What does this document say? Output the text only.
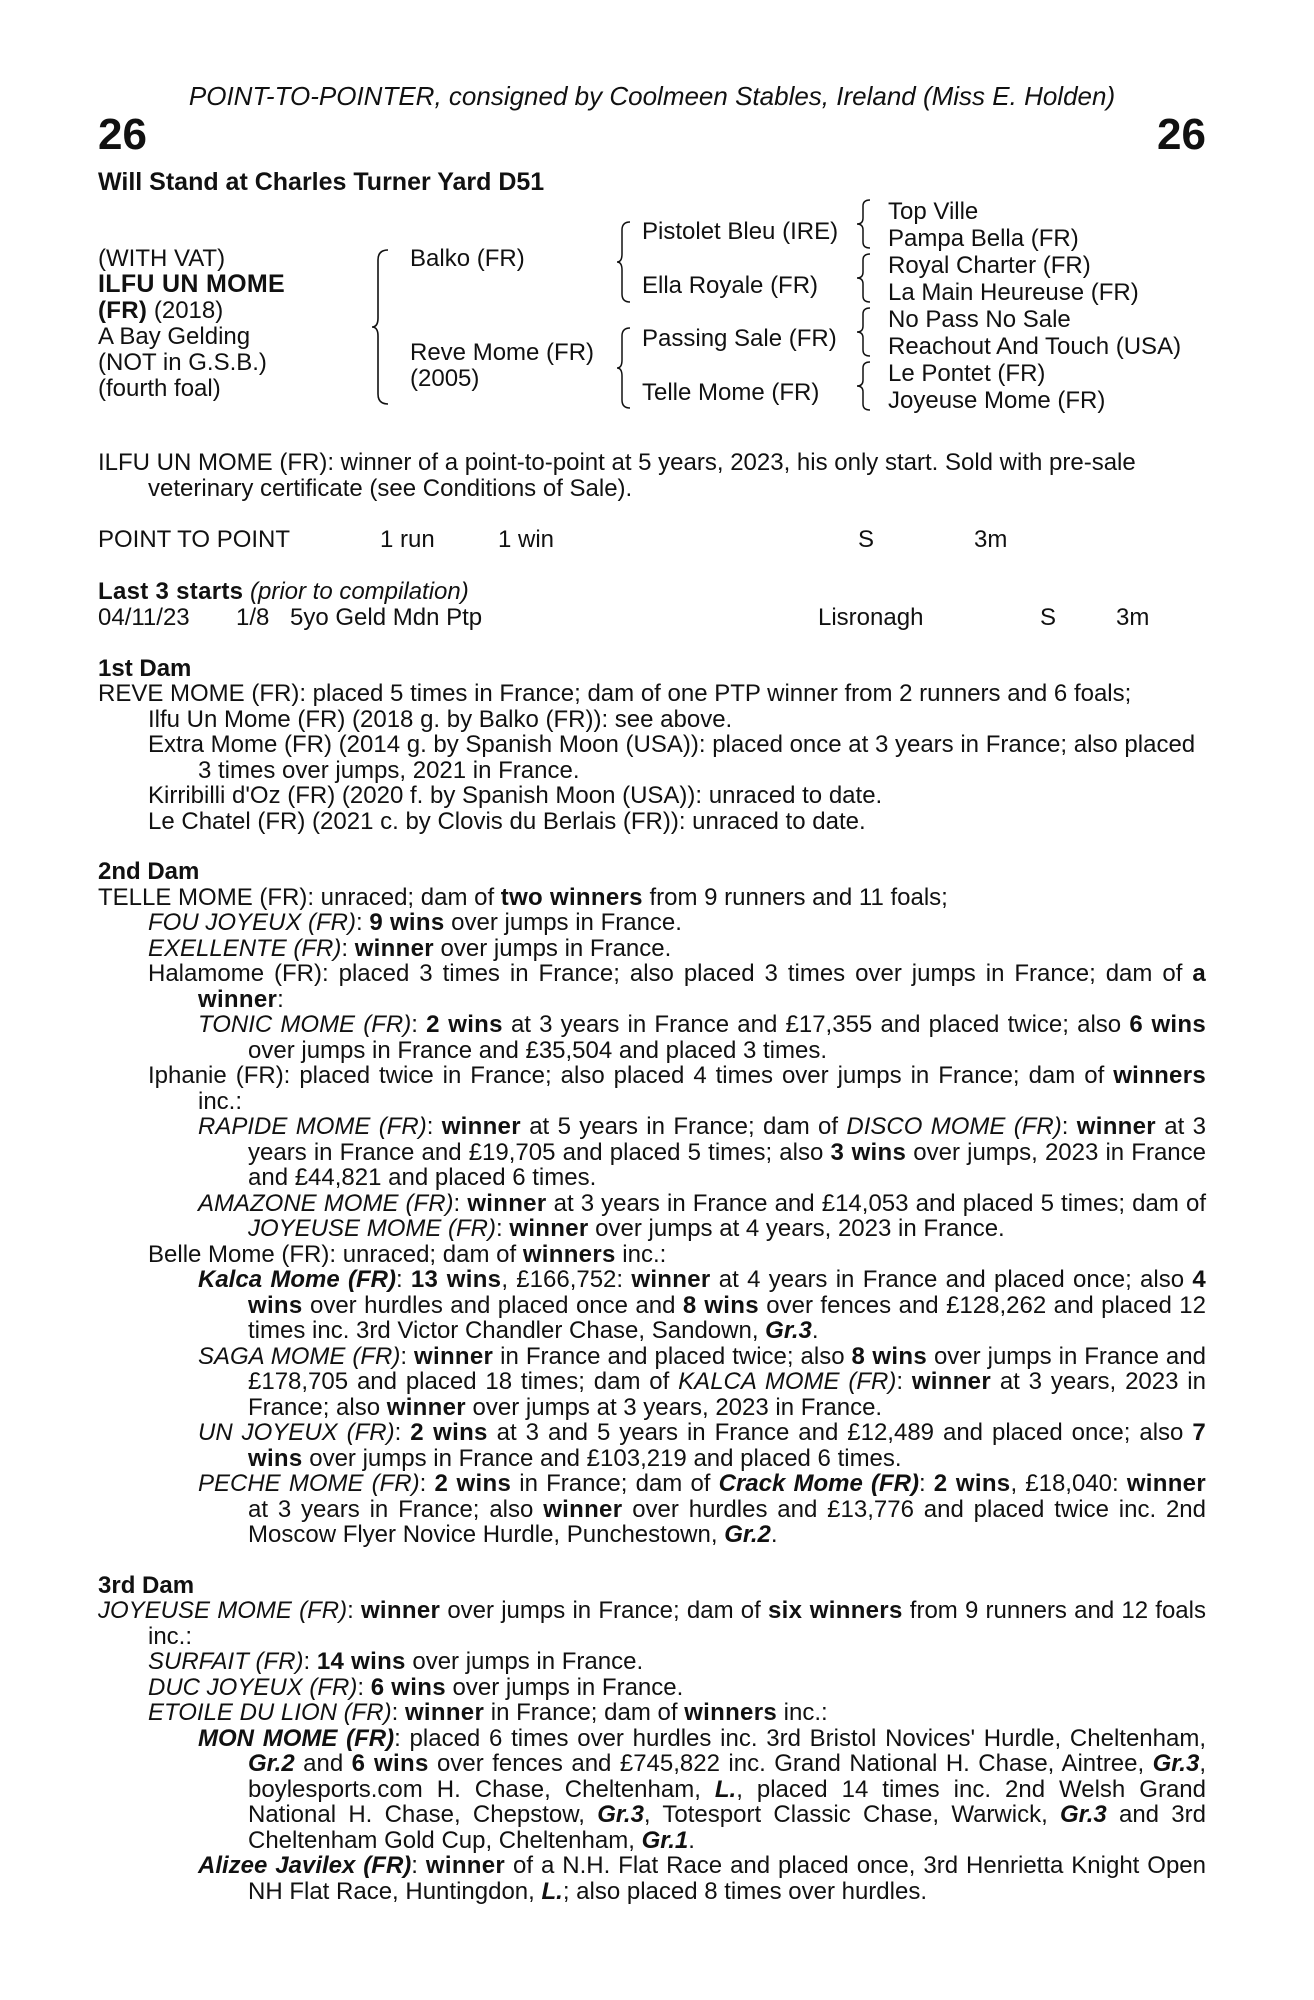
POINT-TO-POINTER, consigned by Coolmeen Stables, Ireland (Miss E. Holden)
26	26
Will Stand at Charles Turner Yard D51
(WITH VAT)
ILFU UN MOME
(FR) (2018)
A Bay Gelding
(NOT in G.S.B.)
(fourth foal)
Balko (FR)
Reve Mome (FR)
(2005)
Pistolet Bleu (IRE)
Ella Royale (FR)
Passing Sale (FR)
Telle Mome (FR)
Top Ville
Pampa Bella (FR)
Royal Charter (FR)
La Main Heureuse (FR)
No Pass No Sale
Reachout And Touch (USA)
Le Pontet (FR)
Joyeuse Mome (FR)
ILFU UN MOME (FR): winner of a point-to-point at 5 years, 2023, his only start. Sold with pre-sale
veterinary certificate (see Conditions of Sale).
POINT TO POINT	1 run	1 win	S	3m
Last 3 starts (prior to compilation)
04/11/23 1/8 5yo Geld Mdn Ptp	Lisronagh	S 3m
1st Dam
REVE MOME (FR): placed 5 times in France; dam of one PTP winner from 2 runners and 6 foals;
Ilfu Un Mome (FR) (2018 g. by Balko (FR)): see above.
Extra Mome (FR) (2014 g. by Spanish Moon (USA)): placed once at 3 years in France; also placed 3 times over jumps, 2021 in France.
Kirribilli d'Oz (FR) (2020 f. by Spanish Moon (USA)): unraced to date.
Le Chatel (FR) (2021 c. by Clovis du Berlais (FR)): unraced to date.
2nd Dam
TELLE MOME (FR): unraced; dam of two winners from 9 runners and 11 foals;
FOU JOYEUX (FR): 9 wins over jumps in France.
EXELLENTE (FR): winner over jumps in France.
Halamome (FR): placed 3 times in France; also placed 3 times over jumps in France; dam of a winner:
TONIC MOME (FR): 2 wins at 3 years in France and £17,355 and placed twice; also 6 wins over jumps in France and £35,504 and placed 3 times.
Iphanie (FR): placed twice in France; also placed 4 times over jumps in France; dam of winners inc.:
RAPIDE MOME (FR): winner at 5 years in France; dam of DISCO MOME (FR): winner at 3 years in France and £19,705 and placed 5 times; also 3 wins over jumps, 2023 in France and £44,821 and placed 6 times.
AMAZONE MOME (FR): winner at 3 years in France and £14,053 and placed 5 times; dam of JOYEUSE MOME (FR): winner over jumps at 4 years, 2023 in France.
Belle Mome (FR): unraced; dam of winners inc.:
Kalca Mome (FR): 13 wins, £166,752: winner at 4 years in France and placed once; also 4 wins over hurdles and placed once and 8 wins over fences and £128,262 and placed 12 times inc. 3rd Victor Chandler Chase, Sandown, Gr.3.
SAGA MOME (FR): winner in France and placed twice; also 8 wins over jumps in France and £178,705 and placed 18 times; dam of KALCA MOME (FR): winner at 3 years, 2023 in France; also winner over jumps at 3 years, 2023 in France.
UN JOYEUX (FR): 2 wins at 3 and 5 years in France and £12,489 and placed once; also 7 wins over jumps in France and £103,219 and placed 6 times.
PECHE MOME (FR): 2 wins in France; dam of Crack Mome (FR): 2 wins, £18,040: winner at 3 years in France; also winner over hurdles and £13,776 and placed twice inc. 2nd Moscow Flyer Novice Hurdle, Punchestown, Gr.2.
3rd Dam
JOYEUSE MOME (FR): winner over jumps in France; dam of six winners from 9 runners and 12 foals inc.:
SURFAIT (FR): 14 wins over jumps in France.
DUC JOYEUX (FR): 6 wins over jumps in France.
ETOILE DU LION (FR): winner in France; dam of winners inc.:
MON MOME (FR): placed 6 times over hurdles inc. 3rd Bristol Novices' Hurdle, Cheltenham, Gr.2 and 6 wins over fences and £745,822 inc. Grand National H. Chase, Aintree, Gr.3, boylesports.com H. Chase, Cheltenham, L., placed 14 times inc. 2nd Welsh Grand National H. Chase, Chepstow, Gr.3, Totesport Classic Chase, Warwick, Gr.3 and 3rd Cheltenham Gold Cup, Cheltenham, Gr.1.
Alizee Javilex (FR): winner of a N.H. Flat Race and placed once, 3rd Henrietta Knight Open NH Flat Race, Huntingdon, L.; also placed 8 times over hurdles.
